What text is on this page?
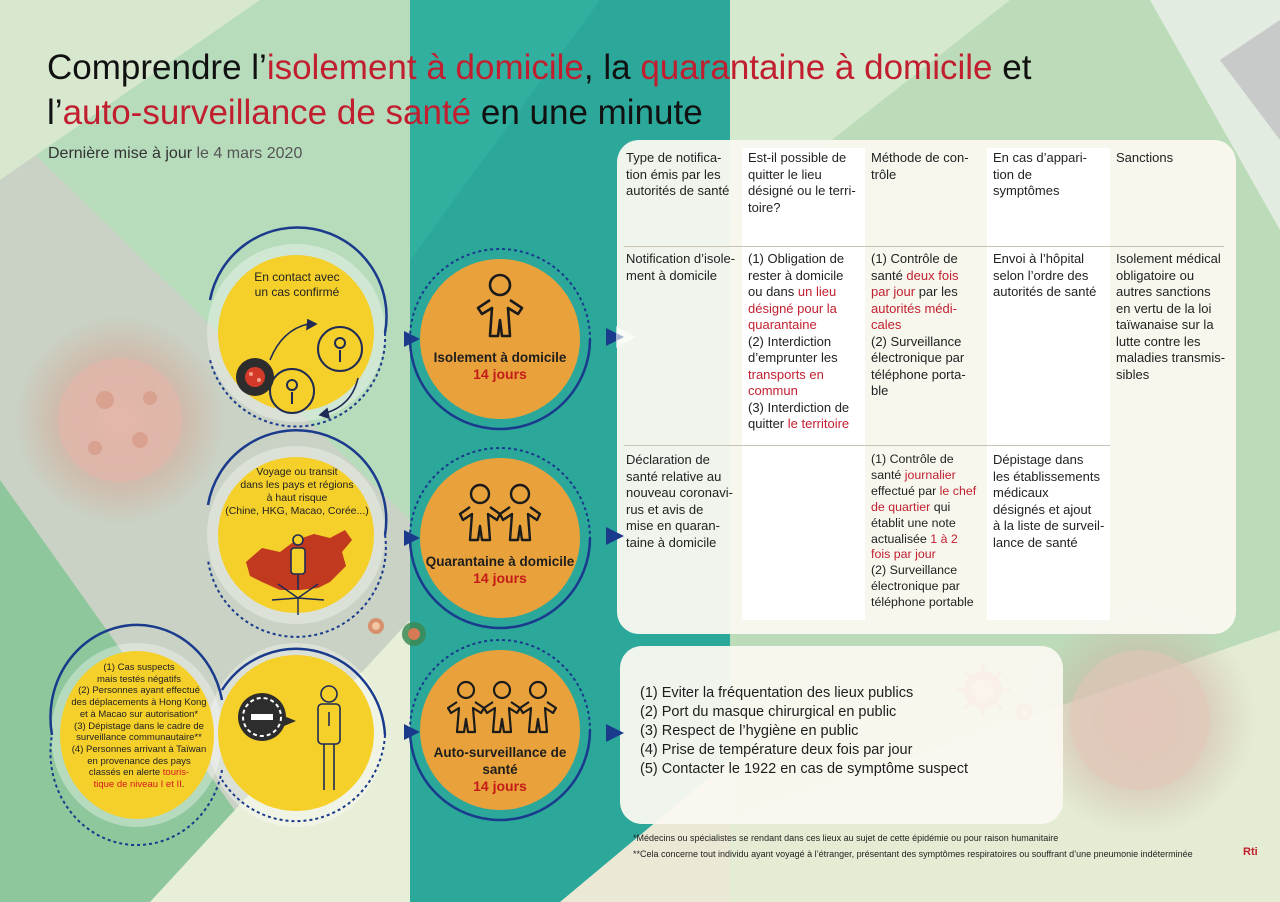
Comprendre l’isolement à domicile, la quarantaine à domicile et
l’auto-surveillance de santé en une minute
Dernière mise à jour le 4 mars 2020	Type de notifica-
tion émis par les
autorités de santé
Est-il possible de
quitter le lieu
désigné ou le terri-
toire?
Méthode de con-
trôle
En cas d’appari-
tion de
symptômes
Sanctions
Notification d’isole-
ment à domicile
(1) Obligation de
rester à domicile
ou dans un lieu
désigné pour la
quarantaine
(2) Interdiction
d’emprunter les
transports en
commun
(3) Interdiction de
quitter le territoire
(1) Contrôle de
santé deux fois
par jour par les
autorités médi-
cales
(2) Surveillance
électronique par
téléphone porta-
ble
Envoi à l’hôpital
selon l’ordre des
autorités de santé
Isolement médical
obligatoire ou
autres sanctions
en vertu de la loi
taïwanaise sur la
lutte contre les
maladies transmis-
sibles
Déclaration de
santé relative au
nouveau coronavi-
rus et avis de
mise en quaran-
taine à domicile
(1) Contrôle de
santé journalier
effectué par le chef
de quartier qui
établit une note
actualisée 1 à 2
fois par jour
(2) Surveillance
électronique par
téléphone portable
Dépistage dans
les établissements
médicaux
désignés et ajout
à la liste de surveil-
lance de santé
(1) Eviter la fréquentation des lieux publics
(2) Port du masque chirurgical en public
(3) Respect de l’hygiène en public
(4) Prise de température deux fois par jour
(5) Contacter le 1922 en cas de symptôme suspect
En contact avec
un cas confirmé
Voyage ou transit
dans les pays et régions
à haut risque
(Chine, HKG, Macao, Corée...)
(1) Cas suspects
mais testés négatifs
(2) Personnes ayant effectué
des déplacements à Hong Kong
et à Macao sur autorisation*
(3) Dépistage dans le cadre de
surveillance communautaire**
(4) Personnes arrivant à Taïwan
en provenance des pays
classés en alerte touris-
tique de niveau I et II.
Isolement à domicile
14 jours
Quarantaine à domicile
14 jours
Auto-surveillance de
santé
14 jours
*Médecins ou spécialistes se rendant dans ces lieux au sujet de cette épidémie ou pour raison humanitaire
**Cela concerne tout individu ayant voyagé à l’étranger, présentant des symptômes respiratoires ou souffrant d’une pneumonie indéterminée	Rti
